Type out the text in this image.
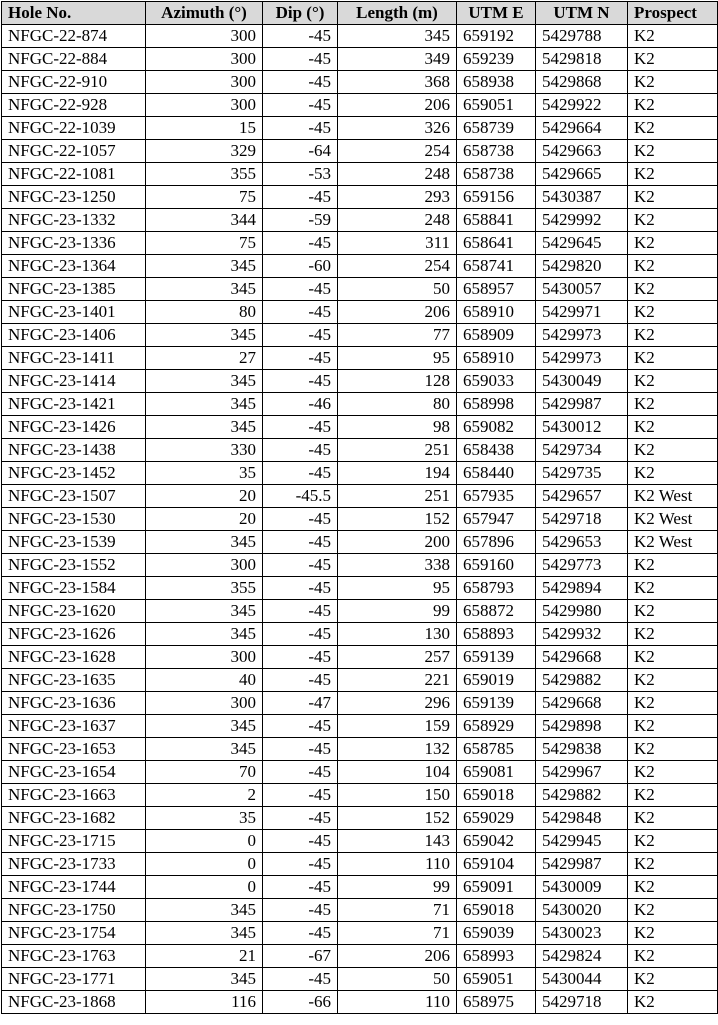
Hole No.	Azimuth (°)	Dip (°)	Length (m)	UTM E	UTM N	Prospect
NFGC-22-874	300	-45	345	659192	5429788	K2
NFGC-22-884	300	-45	349	659239	5429818	K2
NFGC-22-910	300	-45	368	658938	5429868	K2
NFGC-22-928	300	-45	206	659051	5429922	K2
NFGC-22-1039	15	-45	326	658739	5429664	K2
NFGC-22-1057	329	-64	254	658738	5429663	K2
NFGC-22-1081	355	-53	248	658738	5429665	K2
NFGC-23-1250	75	-45	293	659156	5430387	K2
NFGC-23-1332	344	-59	248	658841	5429992	K2
NFGC-23-1336	75	-45	311	658641	5429645	K2
NFGC-23-1364	345	-60	254	658741	5429820	K2
NFGC-23-1385	345	-45	50	658957	5430057	K2
NFGC-23-1401	80	-45	206	658910	5429971	K2
NFGC-23-1406	345	-45	77	658909	5429973	K2
NFGC-23-1411	27	-45	95	658910	5429973	K2
NFGC-23-1414	345	-45	128	659033	5430049	K2
NFGC-23-1421	345	-46	80	658998	5429987	K2
NFGC-23-1426	345	-45	98	659082	5430012	K2
NFGC-23-1438	330	-45	251	658438	5429734	K2
NFGC-23-1452	35	-45	194	658440	5429735	K2
NFGC-23-1507	20	-45.5	251	657935	5429657	K2 West
NFGC-23-1530	20	-45	152	657947	5429718	K2 West
NFGC-23-1539	345	-45	200	657896	5429653	K2 West
NFGC-23-1552	300	-45	338	659160	5429773	K2
NFGC-23-1584	355	-45	95	658793	5429894	K2
NFGC-23-1620	345	-45	99	658872	5429980	K2
NFGC-23-1626	345	-45	130	658893	5429932	K2
NFGC-23-1628	300	-45	257	659139	5429668	K2
NFGC-23-1635	40	-45	221	659019	5429882	K2
NFGC-23-1636	300	-47	296	659139	5429668	K2
NFGC-23-1637	345	-45	159	658929	5429898	K2
NFGC-23-1653	345	-45	132	658785	5429838	K2
NFGC-23-1654	70	-45	104	659081	5429967	K2
NFGC-23-1663	2	-45	150	659018	5429882	K2
NFGC-23-1682	35	-45	152	659029	5429848	K2
NFGC-23-1715	0	-45	143	659042	5429945	K2
NFGC-23-1733	0	-45	110	659104	5429987	K2
NFGC-23-1744	0	-45	99	659091	5430009	K2
NFGC-23-1750	345	-45	71	659018	5430020	K2
NFGC-23-1754	345	-45	71	659039	5430023	K2
NFGC-23-1763	21	-67	206	658993	5429824	K2
NFGC-23-1771	345	-45	50	659051	5430044	K2
NFGC-23-1868	116	-66	110	658975	5429718	K2
